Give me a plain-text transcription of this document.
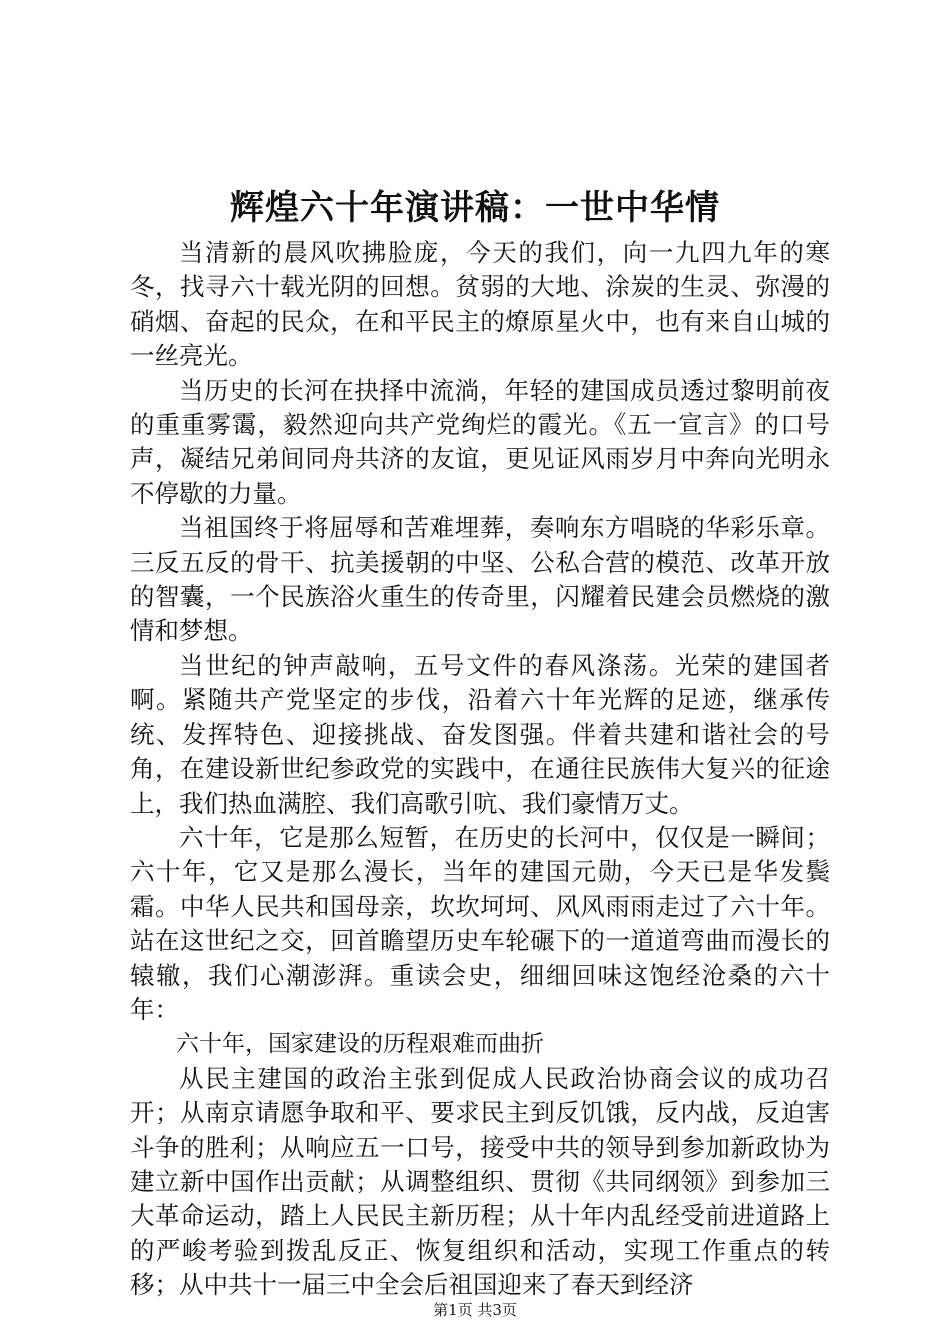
辉煌六十年演讲稿：一世中华情

当清新的晨风吹拂脸庞，今天的我们，向一九四九年的寒冬，找寻六十载光阴的回想。贫弱的大地、涂炭的生灵、弥漫的硝烟、奋起的民众，在和平民主的燎原星火中，也有来自山城的一丝亮光。

当历史的长河在抉择中流淌，年轻的建国成员透过黎明前夜的重重雾霭，毅然迎向共产党绚烂的霞光。《五一宣言》的口号声，凝结兄弟间同舟共济的友谊，更见证风雨岁月中奔向光明永不停歇的力量。

当祖国终于将屈辱和苦难埋葬，奏响东方唱晓的华彩乐章。三反五反的骨干、抗美援朝的中坚、公私合营的模范、改革开放的智囊，一个民族浴火重生的传奇里，闪耀着民建会员燃烧的激情和梦想。

当世纪的钟声敲响，五号文件的春风涤荡。光荣的建国者啊。紧随共产党坚定的步伐，沿着六十年光辉的足迹，继承传统、发挥特色、迎接挑战、奋发图强。伴着共建和谐社会的号角，在建设新世纪参政党的实践中，在通往民族伟大复兴的征途上，我们热血满腔、我们高歌引吭、我们豪情万丈。

六十年，它是那么短暂，在历史的长河中，仅仅是一瞬间；六十年，它又是那么漫长，当年的建国元勋，今天已是华发鬓霜。中华人民共和国母亲，坎坎坷坷、风风雨雨走过了六十年。站在这世纪之交，回首瞻望历史车轮碾下的一道道弯曲而漫长的辕辙，我们心潮澎湃。重读会史，细细回味这饱经沧桑的六十年：

六十年，国家建设的历程艰难而曲折

从民主建国的政治主张到促成人民政治协商会议的成功召开；从南京请愿争取和平、要求民主到反饥饿，反内战，反迫害斗争的胜利；从响应五一口号，接受中共的领导到参加新政协为建立新中国作出贡献；从调整组织、贯彻《共同纲领》到参加三大革命运动，踏上人民民主新历程；从十年内乱经受前进道路上的严峻考验到拨乱反正、恢复组织和活动，实现工作重点的转移；从中共十一届三中全会后祖国迎来了春天到经济

第1页 共3页
